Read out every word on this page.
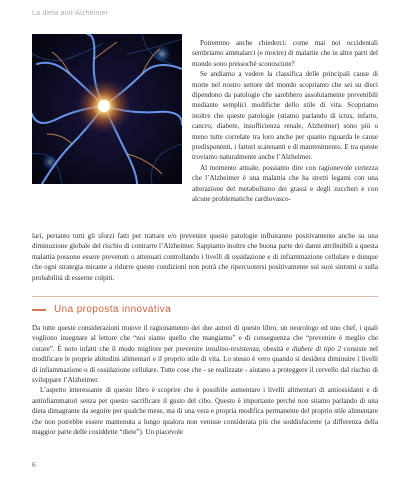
La dieta anti-Alzheimer

Potremmo anche chiederci: come mai noi occidentali sembriamo ammalarci (e morire) di malattie che in altre parti del mondo sono pressoché sconosciute?

Se andiamo a vedere la classifica delle principali cause di morte nel nostro settore del mondo scopriamo che sei su dieci dipendono da patologie che sarebbero assolutamente prevenibili mediante semplici modifiche dello stile di vita. Scopriamo inoltre che queste patologie (stiamo parlando di ictus, infarto, cancro, diabete, insufficienza renale, Alzheimer) sono più o meno tutte correlate tra loro anche per quanto riguarda le cause predisponenti, i fattori scatenanti e di mantenimento. E tra queste troviamo naturalmente anche l’Alzheimer.

Al momento attuale, possiamo dire con ragionevole certezza che l’Alzheimer è una malattia che ha stretti legami con una alterazione del metabolismo dei grassi e degli zuccheri e con alcune problematiche cardiovasco-

lari, pertanto tutti gli sforzi fatti per trattare e/o prevenire queste patologie influiranno positivamente anche su una diminuzione globale del rischio di contrarre l’Alzheimer. Sappiamo inoltre che buona parte dei danni attribuibili a questa malattia possono essere prevenuti o attenuati controllando i livelli di ossidazione e di infiammazione cellulare e dunque che ogni strategia mirante a ridurre queste condizioni non potrà che ripercuotersi positivamente sui suoi sintomi o sulla probabilità di esserne colpiti.

Una proposta innovativa

Da tutte queste considerazioni muove il ragionamento dei due autori di questo libro, un neurologo ed uno chef, i quali vogliono insegnare al lettore che “noi siamo quello che mangiamo” e di conseguenza che “prevenire è meglio che curare”. È noto infatti che il modo migliore per prevenire insulino-resistenza, obesità e diabete di tipo 2 consiste nel modificare le proprie abitudini alimentari e il proprio stile di vita. Lo stesso è vero quando si desidera diminuire i livelli di infiammazione o di ossidazione cellulare. Tutte cose che - se realizzate - aiutano a proteggere il cervello dal rischio di sviluppare l’Alzheimer.

L’aspetto interessante di questo libro è scoprire che è possibile aumentare i livelli alimentari di antiossidanti e di antinfiammatori senza per questo sacrificare il gusto del cibo. Questo è importante perché non stiamo parlando di una dieta dimagrante da seguire per qualche mese, ma di una vera e propria modifica permanente del proprio stile alimentare che non potrebbe essere mantenuta a lungo qualora non venisse considerata più che soddisfacente (a differenza della maggior parte delle cosiddette “diete”). Un piacevole

6
